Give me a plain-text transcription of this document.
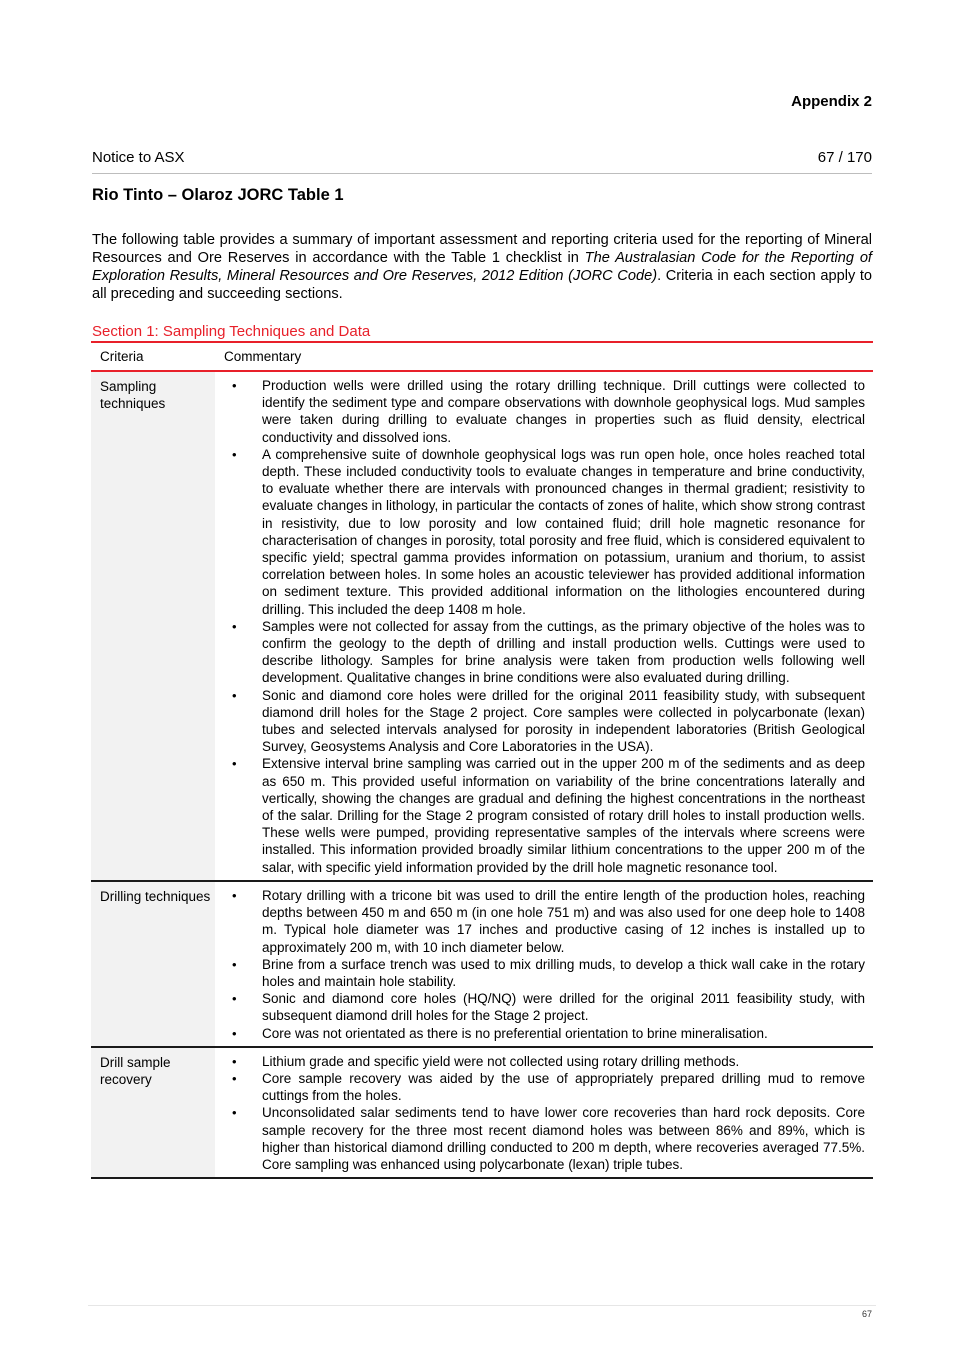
Appendix 2
Notice to ASX	67 / 170
Rio Tinto – Olaroz JORC Table 1

The following table provides a summary of important assessment and reporting criteria used for the reporting of Mineral Resources and Ore Reserves in accordance with the Table 1 checklist in The Australasian Code for the Reporting of Exploration Results, Mineral Resources and Ore Reserves, 2012 Edition (JORC Code). Criteria in each section apply to all preceding and succeeding sections.

Section 1: Sampling Techniques and Data
Criteria	Commentary
Sampling techniques
• Production wells were drilled using the rotary drilling technique. Drill cuttings were collected to identify the sediment type and compare observations with downhole geophysical logs. Mud samples were taken during drilling to evaluate changes in properties such as fluid density, electrical conductivity and dissolved ions.
• A comprehensive suite of downhole geophysical logs was run open hole, once holes reached total depth. These included conductivity tools to evaluate changes in temperature and brine conductivity, to evaluate whether there are intervals with pronounced changes in thermal gradient; resistivity to evaluate changes in lithology, in particular the contacts of zones of halite, which show strong contrast in resistivity, due to low porosity and low contained fluid; drill hole magnetic resonance for characterisation of changes in porosity, total porosity and free fluid, which is considered equivalent to specific yield; spectral gamma provides information on potassium, uranium and thorium, to assist correlation between holes. In some holes an acoustic televiewer has provided additional information on sediment texture. This provided additional information on the lithologies encountered during drilling. This included the deep 1408 m hole.
• Samples were not collected for assay from the cuttings, as the primary objective of the holes was to confirm the geology to the depth of drilling and install production wells. Cuttings were used to describe lithology. Samples for brine analysis were taken from production wells following well development. Qualitative changes in brine conditions were also evaluated during drilling.
• Sonic and diamond core holes were drilled for the original 2011 feasibility study, with subsequent diamond drill holes for the Stage 2 project. Core samples were collected in polycarbonate (lexan) tubes and selected intervals analysed for porosity in independent laboratories (British Geological Survey, Geosystems Analysis and Core Laboratories in the USA).
• Extensive interval brine sampling was carried out in the upper 200 m of the sediments and as deep as 650 m. This provided useful information on variability of the brine concentrations laterally and vertically, showing the changes are gradual and defining the highest concentrations in the northeast of the salar. Drilling for the Stage 2 program consisted of rotary drill holes to install production wells. These wells were pumped, providing representative samples of the intervals where screens were installed. This information provided broadly similar lithium concentrations to the upper 200 m of the salar, with specific yield information provided by the drill hole magnetic resonance tool.
Drilling techniques
•	Rotary drilling with a tricone bit was used to drill the entire length of the production holes, reaching depths between 450 m and 650 m (in one hole 751 m) and was also used for one deep hole to 1408 m. Typical hole diameter was 17 inches and productive casing of 12 inches is installed up to approximately 200 m, with 10 inch diameter below.
• Brine from a surface trench was used to mix drilling muds, to develop a thick wall cake in the rotary holes and maintain hole stability.
• Sonic and diamond core holes (HQ/NQ) were drilled for the original 2011 feasibility study, with subsequent diamond drill holes for the Stage 2 project.
• Core was not orientated as there is no preferential orientation to brine mineralisation.
Drill sample recovery
• Lithium grade and specific yield were not collected using rotary drilling methods.
• Core sample recovery was aided by the use of appropriately prepared drilling mud to remove cuttings from the holes.
• Unconsolidated salar sediments tend to have lower core recoveries than hard rock deposits. Core sample recovery for the three most recent diamond holes was between 86% and 89%, which is higher than historical diamond drilling conducted to 200 m depth, where recoveries averaged 77.5%. Core sampling was enhanced using polycarbonate (lexan) triple tubes.
67
